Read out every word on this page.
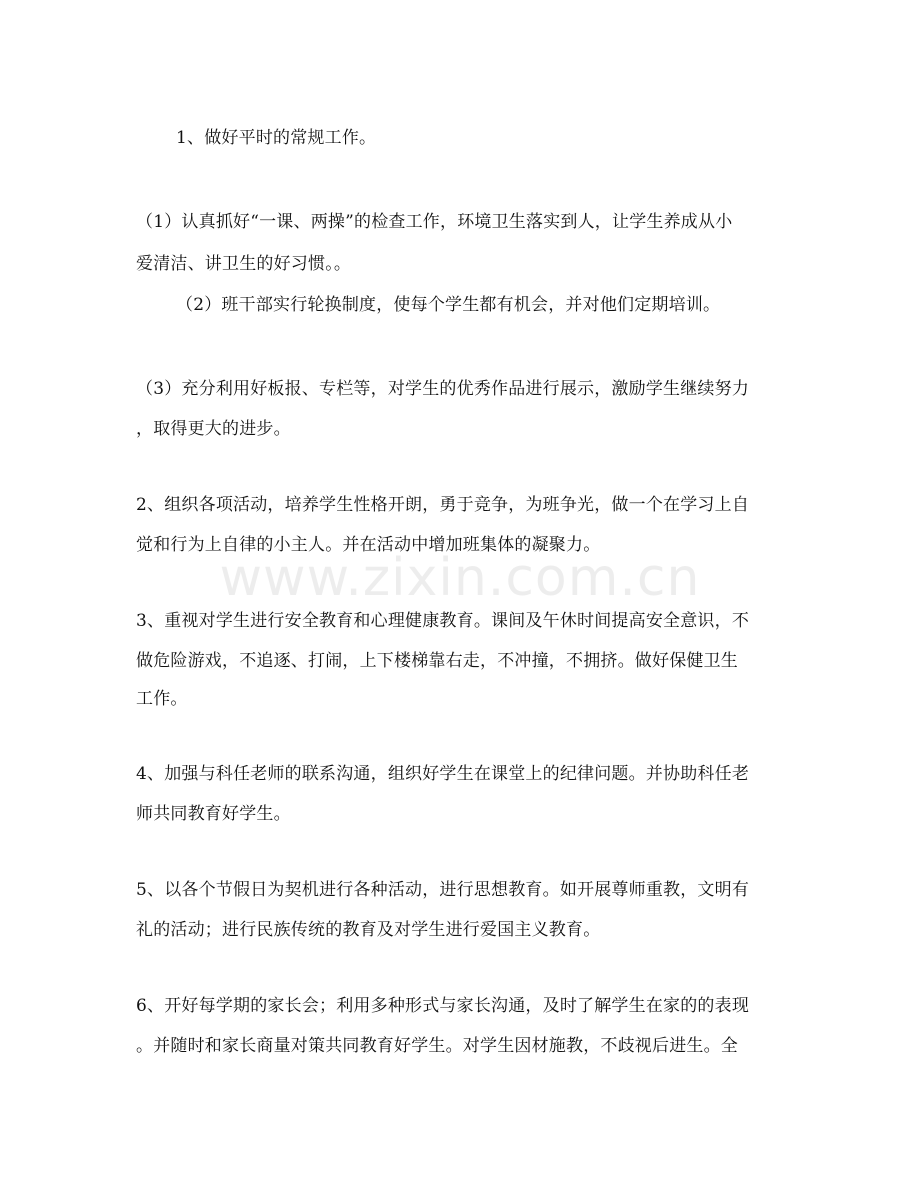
1、做好平时的常规工作。
（1）认真抓好“一课、两操”的检查工作，环境卫生落实到人，让学生养成从小
爱清洁、讲卫生的好习惯。。
（2）班干部实行轮换制度，使每个学生都有机会，并对他们定期培训。
（3）充分利用好板报、专栏等，对学生的优秀作品进行展示，激励学生继续努力
，取得更大的进步。
2、组织各项活动，培养学生性格开朗，勇于竞争，为班争光，做一个在学习上自
觉和行为上自律的小主人。并在活动中增加班集体的凝聚力。
3、重视对学生进行安全教育和心理健康教育。课间及午休时间提高安全意识，不
做危险游戏，不追逐、打闹，上下楼梯靠右走，不冲撞，不拥挤。做好保健卫生
工作。
4、加强与科任老师的联系沟通，组织好学生在课堂上的纪律问题。并协助科任老
师共同教育好学生。
5、以各个节假日为契机进行各种活动，进行思想教育。如开展尊师重教，文明有
礼的活动；进行民族传统的教育及对学生进行爱国主义教育。
6、开好每学期的家长会；利用多种形式与家长沟通，及时了解学生在家的的表现
。并随时和家长商量对策共同教育好学生。对学生因材施教，不歧视后进生。全
www.zixin.com.cn
